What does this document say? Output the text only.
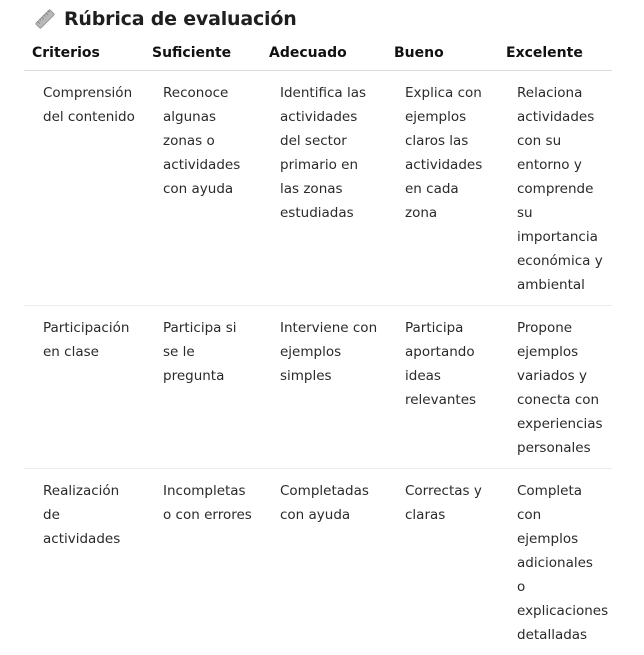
Rúbrica de evaluación
Criterios	Suficiente	Adecuado	Bueno	Excelente
Comprensión del contenido	Reconoce algunas zonas o actividades con ayuda	Identifica las actividades del sector primario en las zonas estudiadas	Explica con ejemplos claros las actividades en cada zona	Relaciona actividades con su entorno y comprende su importancia económica y ambiental
Participación en clase	Participa si se le pregunta	Interviene con ejemplos simples	Participa aportando ideas relevantes	Propone ejemplos variados y conecta con experiencias personales
Realización de actividades	Incompletas o con errores	Completadas con ayuda	Correctas y claras	Completa con ejemplos adicionales o explicaciones detalladas
